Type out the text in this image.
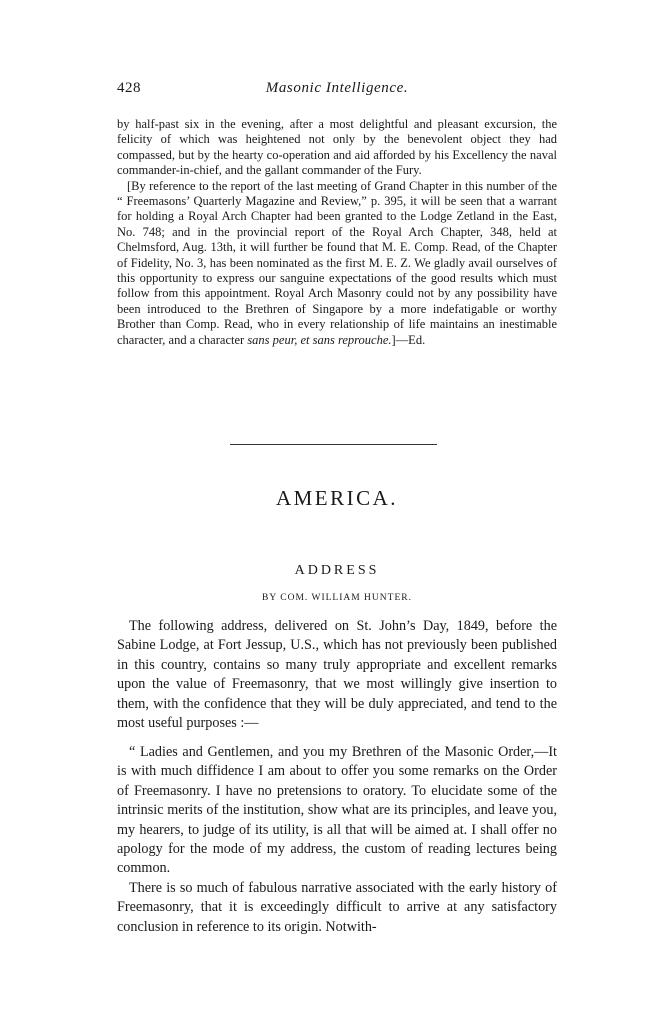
428	Masonic Intelligence.

by half-past six in the evening, after a most delightful and pleasant excursion, the felicity of which was heightened not only by the benevolent object they had compassed, but by the hearty co-operation and aid afforded by his Excellency the naval commander-in-chief, and the gallant commander of the Fury.

[By reference to the report of the last meeting of Grand Chapter in this number of the “ Freemasons’ Quarterly Magazine and Review,” p. 395, it will be seen that a warrant for holding a Royal Arch Chapter had been granted to the Lodge Zetland in the East, No. 748; and in the provincial report of the Royal Arch Chapter, 348, held at Chelmsford, Aug. 13th, it will further be found that M. E. Comp. Read, of the Chapter of Fidelity, No. 3, has been nominated as the first M. E. Z. We gladly avail ourselves of this opportunity to express our sanguine expectations of the good results which must follow from this appointment. Royal Arch Masonry could not by any possibility have been introduced to the Brethren of Singapore by a more indefatigable or worthy Brother than Comp. Read, who in every relationship of life maintains an inestimable character, and a character sans peur, et sans reprouche.]—Ed.

AMERICA.
ADDRESS
BY COM. WILLIAM HUNTER.

The following address, delivered on St. John’s Day, 1849, before the Sabine Lodge, at Fort Jessup, U.S., which has not previously been published in this country, contains so many truly appropriate and excellent remarks upon the value of Freemasonry, that we most willingly give insertion to them, with the confidence that they will be duly appreciated, and tend to the most useful purposes :—

“ Ladies and Gentlemen, and you my Brethren of the Masonic Order,—It is with much diffidence I am about to offer you some remarks on the Order of Freemasonry. I have no pretensions to oratory. To elucidate some of the intrinsic merits of the institution, show what are its principles, and leave you, my hearers, to judge of its utility, is all that will be aimed at. I shall offer no apology for the mode of my address, the custom of reading lectures being common.

There is so much of fabulous narrative associated with the early history of Freemasonry, that it is exceedingly difficult to arrive at any satisfactory conclusion in reference to its origin. Notwith-
